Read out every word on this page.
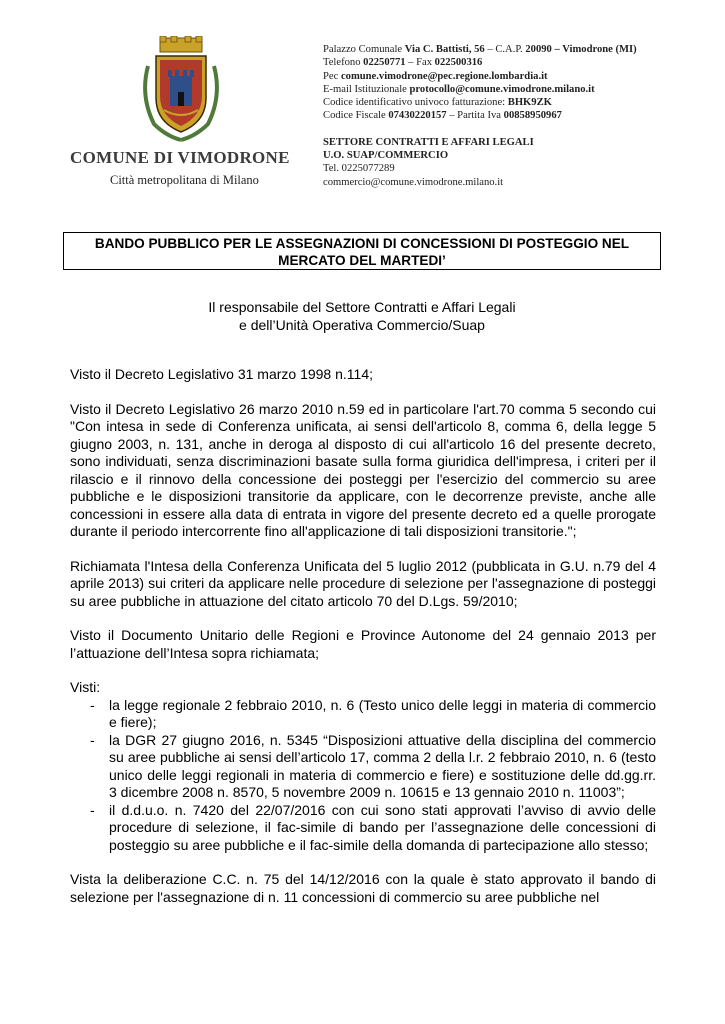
COMUNE DI VIMODRONE
Città metropolitana di Milano
Palazzo Comunale Via C. Battisti, 56 – C.A.P. 20090 – Vimodrone (MI)
Telefono 02250771 – Fax 022500316
Pec comune.vimodrone@pec.regione.lombardia.it
E-mail Istituzionale protocollo@comune.vimodrone.milano.it
Codice identificativo univoco fatturazione: BHK9ZK
Codice Fiscale 07430220157 – Partita Iva 00858950967
SETTORE CONTRATTI E AFFARI LEGALI
U.O. SUAP/COMMERCIO
Tel. 0225077289
commercio@comune.vimodrone.milano.it
BANDO PUBBLICO PER LE ASSEGNAZIONI DI CONCESSIONI DI POSTEGGIO NEL
MERCATO DEL MARTEDI’
Il responsabile del Settore Contratti e Affari Legali
e dell’Unità Operativa Commercio/Suap

Visto il Decreto Legislativo 31 marzo 1998 n.114;

Visto il Decreto Legislativo 26 marzo 2010 n.59 ed in particolare l'art.70 comma 5 secondo cui "Con intesa in sede di Conferenza unificata, ai sensi dell'articolo 8, comma 6, della legge 5 giugno 2003, n. 131, anche in deroga al disposto di cui all'articolo 16 del presente decreto, sono individuati, senza discriminazioni basate sulla forma giuridica dell'impresa, i criteri per il rilascio e il rinnovo della concessione dei posteggi per l'esercizio del commercio su aree pubbliche e le disposizioni transitorie da applicare, con le decorrenze previste, anche alle concessioni in essere alla data di entrata in vigore del presente decreto ed a quelle prorogate durante il periodo intercorrente fino all'applicazione di tali disposizioni transitorie.";

Richiamata l'Intesa della Conferenza Unificata del 5 luglio 2012 (pubblicata in G.U. n.79 del 4 aprile 2013) sui criteri da applicare nelle procedure di selezione per l'assegnazione di posteggi su aree pubbliche in attuazione del citato articolo 70 del D.Lgs. 59/2010;

Visto il Documento Unitario delle Regioni e Province Autonome del 24 gennaio 2013 per l’attuazione dell’Intesa sopra richiamata;

Visti:

-	la legge regionale 2 febbraio 2010, n. 6 (Testo unico delle leggi in materia di commercio e fiere);
-	la DGR 27 giugno 2016, n. 5345 “Disposizioni attuative della disciplina del commercio su aree pubbliche ai sensi dell’articolo 17, comma 2 della l.r. 2 febbraio 2010, n. 6 (testo unico delle leggi regionali in materia di commercio e fiere) e sostituzione delle dd.gg.rr. 3 dicembre 2008 n. 8570, 5 novembre 2009 n. 10615 e 13 gennaio 2010 n. 11003”;
-	il d.d.u.o. n. 7420 del 22/07/2016 con cui sono stati approvati l’avviso di avvio delle procedure di selezione, il fac-simile di bando per l’assegnazione delle concessioni di posteggio su aree pubbliche e il fac-simile della domanda di partecipazione allo stesso;

Vista la deliberazione C.C. n. 75 del 14/12/2016 con la quale è stato approvato il bando di selezione per l'assegnazione di n. 11 concessioni di commercio su aree pubbliche nel
